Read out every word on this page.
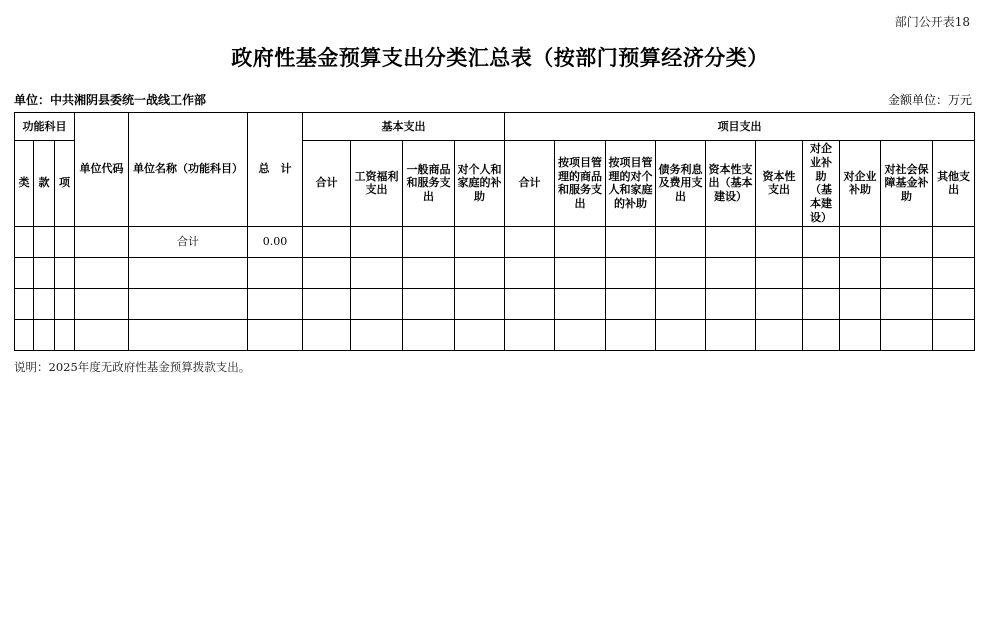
部门公开表18
政府性基金预算支出分类汇总表（按部门预算经济分类）
单位：中共湘阴县委统一战线工作部	金额单位：万元
功能科目			单位代码	单位名称（功能科目）	总　计	基本支出				项目支出									
类	款	项				合计	工资福利支出	一般商品和服务支出	对个人和家庭的补助	合计	按项目管理的商品和服务支出	按项目管理的对个人和家庭的补助	债务利息及费用支出	资本性支出（基本建设）	资本性支出	对企业补助（基本建设）	对企业补助	对社会保障基金补助	其他支出
				合计	0.00														

说明：2025年度无政府性基金预算拨款支出。
